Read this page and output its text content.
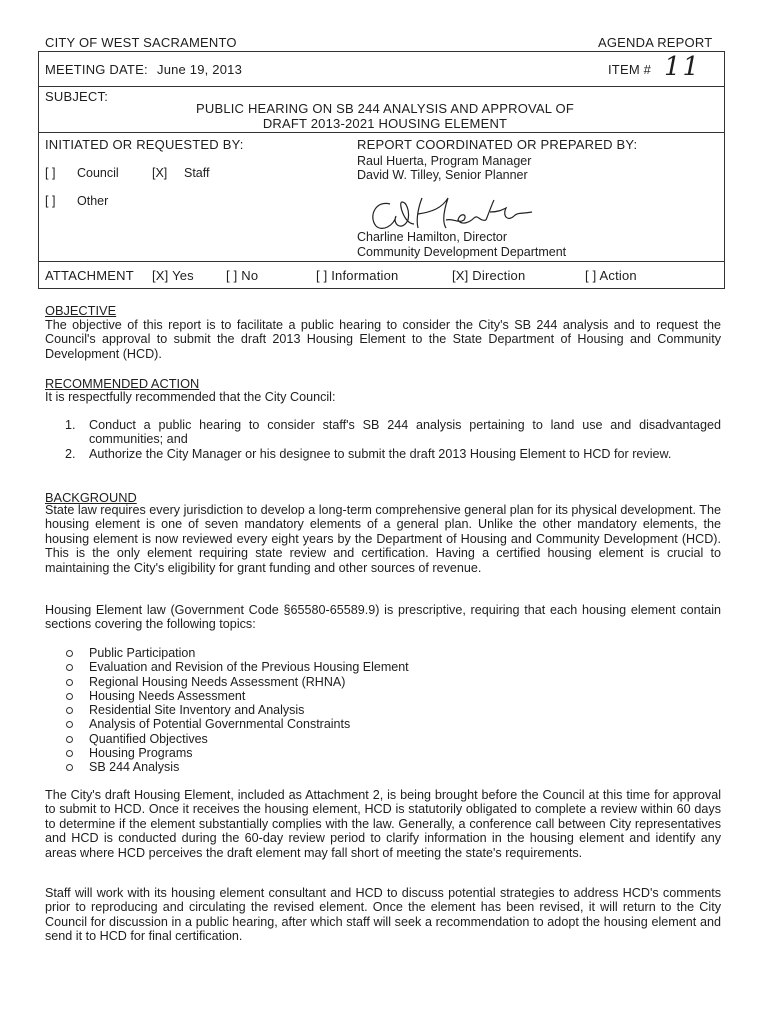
CITY OF WEST SACRAMENTO	AGENDA REPORT
MEETING DATE: June 19, 2013	ITEM # 11
SUBJECT:
PUBLIC HEARING ON SB 244 ANALYSIS AND APPROVAL OF
DRAFT 2013-2021 HOUSING ELEMENT
INITIATED OR REQUESTED BY:	REPORT COORDINATED OR PREPARED BY:
[ ] Council	[X] Staff
[ ] Other
Raul Huerta, Program Manager
David W. Tilley, Senior Planner
Charline Hamilton, Director
Community Development Department
ATTACHMENT [X] Yes [ ] No	[ ] Information	[X] Direction	[ ] Action
OBJECTIVE
The objective of this report is to facilitate a public hearing to consider the City's SB 244 analysis and to request the Council's approval to submit the draft 2013 Housing Element to the State Department of Housing and Community Development (HCD).
RECOMMENDED ACTION
It is respectfully recommended that the City Council:
1. Conduct a public hearing to consider staff's SB 244 analysis pertaining to land use and disadvantaged communities; and
2. Authorize the City Manager or his designee to submit the draft 2013 Housing Element to HCD for review.
BACKGROUND
State law requires every jurisdiction to develop a long-term comprehensive general plan for its physical development. The housing element is one of seven mandatory elements of a general plan. Unlike the other mandatory elements, the housing element is now reviewed every eight years by the Department of Housing and Community Development (HCD). This is the only element requiring state review and certification. Having a certified housing element is crucial to maintaining the City's eligibility for grant funding and other sources of revenue.
Housing Element law (Government Code §65580-65589.9) is prescriptive, requiring that each housing element contain sections covering the following topics:
Public Participation
Evaluation and Revision of the Previous Housing Element
Regional Housing Needs Assessment (RHNA)
Housing Needs Assessment
Residential Site Inventory and Analysis
Analysis of Potential Governmental Constraints
Quantified Objectives
Housing Programs
SB 244 Analysis
The City's draft Housing Element, included as Attachment 2, is being brought before the Council at this time for approval to submit to HCD. Once it receives the housing element, HCD is statutorily obligated to complete a review within 60 days to determine if the element substantially complies with the law. Generally, a conference call between City representatives and HCD is conducted during the 60-day review period to clarify information in the housing element and identify any areas where HCD perceives the draft element may fall short of meeting the state's requirements.
Staff will work with its housing element consultant and HCD to discuss potential strategies to address HCD's comments prior to reproducing and circulating the revised element. Once the element has been revised, it will return to the City Council for discussion in a public hearing, after which staff will seek a recommendation to adopt the housing element and send it to HCD for final certification.
